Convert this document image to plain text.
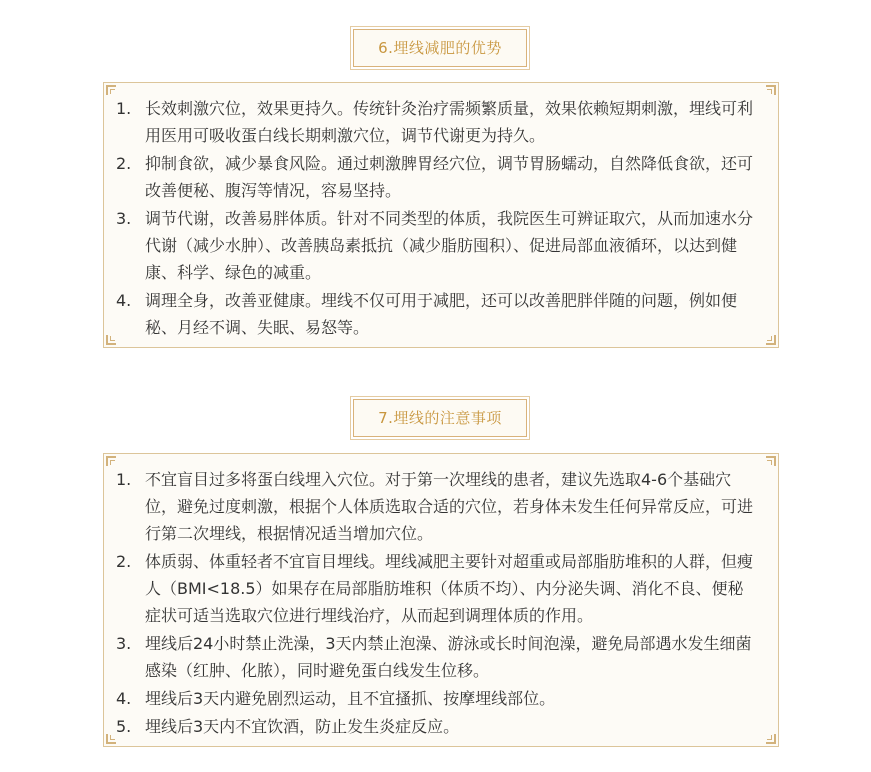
6.埋线减肥的优势
1. 长效刺激穴位，效果更持久。传统针灸治疗需频繁质量，效果依赖短期刺激，埋线可利用医用可吸收蛋白线长期刺激穴位，调节代谢更为持久。
2. 抑制食欲，减少暴食风险。通过刺激脾胃经穴位，调节胃肠蠕动，自然降低食欲，还可改善便秘、腹泻等情况，容易坚持。
3. 调节代谢，改善易胖体质。针对不同类型的体质，我院医生可辨证取穴，从而加速水分代谢（减少水肿）、改善胰岛素抵抗（减少脂肪囤积）、促进局部血液循环，以达到健康、科学、绿色的减重。
4. 调理全身，改善亚健康。埋线不仅可用于减肥，还可以改善肥胖伴随的问题，例如便秘、月经不调、失眠、易怒等。
7.埋线的注意事项
1. 不宜盲目过多将蛋白线埋入穴位。对于第一次埋线的患者，建议先选取4-6个基础穴位，避免过度刺激，根据个人体质选取合适的穴位，若身体未发生任何异常反应，可进行第二次埋线，根据情况适当增加穴位。
2. 体质弱、体重轻者不宜盲目埋线。埋线减肥主要针对超重或局部脂肪堆积的人群，但瘦人（BMI<18.5）如果存在局部脂肪堆积（体质不均）、内分泌失调、消化不良、便秘症状可适当选取穴位进行埋线治疗，从而起到调理体质的作用。
3. 埋线后24小时禁止洗澡，3天内禁止泡澡、游泳或长时间泡澡，避免局部遇水发生细菌感染（红肿、化脓），同时避免蛋白线发生位移。
4. 埋线后3天内避免剧烈运动，且不宜搔抓、按摩埋线部位。
5. 埋线后3天内不宜饮酒，防止发生炎症反应。
